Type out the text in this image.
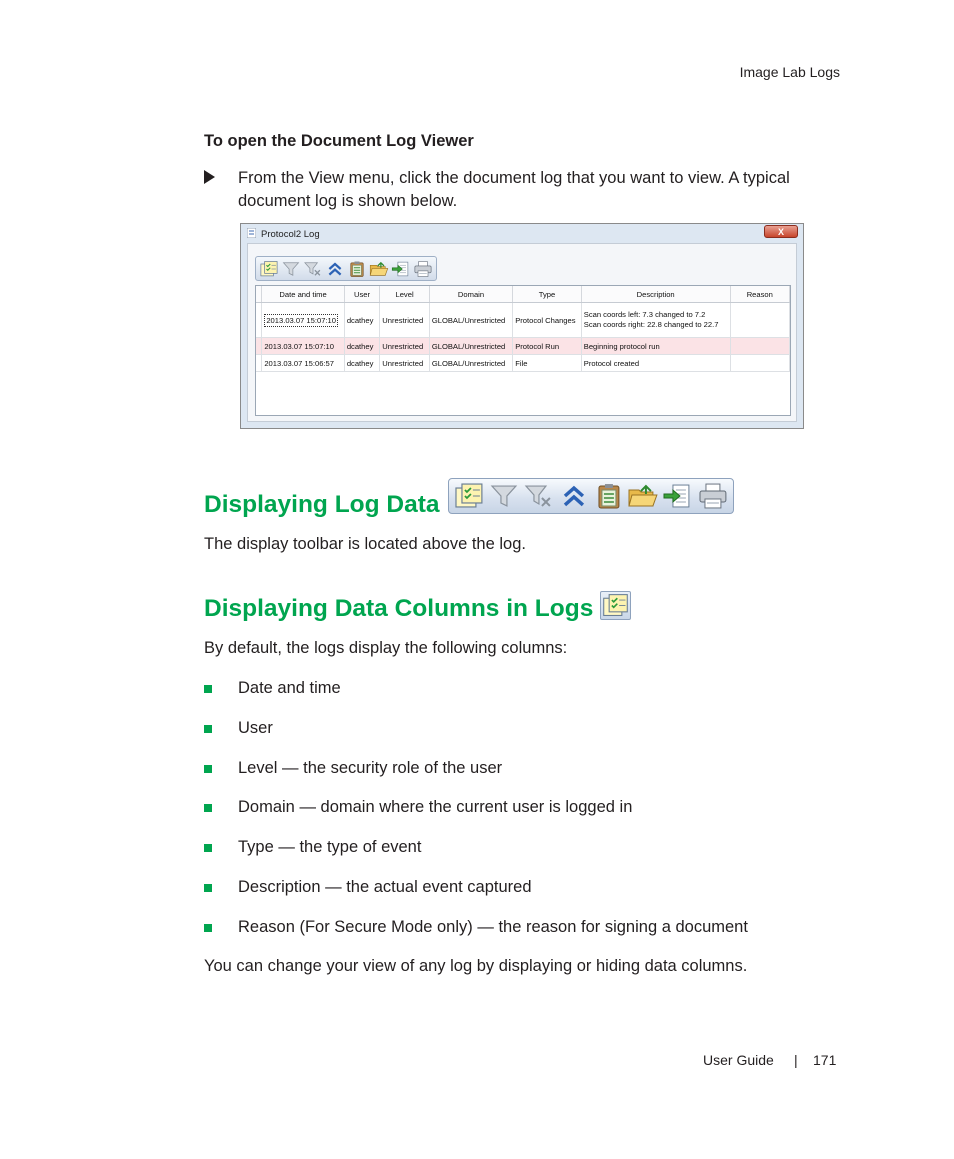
Image Lab Logs
To open the Document Log Viewer
From the View menu, click the document log that you want to view. A typical document log is shown below.
Protocol2 Log	X
	Date and time	User	Level	Domain	Type	Description	Reason
	2013.03.07 15:07:10	dcathey	Unrestricted	GLOBAL/Unrestricted	Protocol Changes	Scan coords left: 7.3 changed to 7.2
Scan coords right: 22.8 changed to 22.7	

	2013.03.07 15:07:10	dcathey	Unrestricted	GLOBAL/Unrestricted	Protocol Run	Beginning protocol run	
	2013.03.07 15:06:57	dcathey	Unrestricted	GLOBAL/Unrestricted	File	Protocol created	
Displaying Log Data
The display toolbar is located above the log.
Displaying Data Columns in Logs
By default, the logs display the following columns:
Date and time
User
Level — the security role of the user
Domain — domain where the current user is logged in
Type — the type of event
Description — the actual event captured
Reason (For Secure Mode only) — the reason for signing a document
You can change your view of any log by displaying or hiding data columns.
User Guide | 171
